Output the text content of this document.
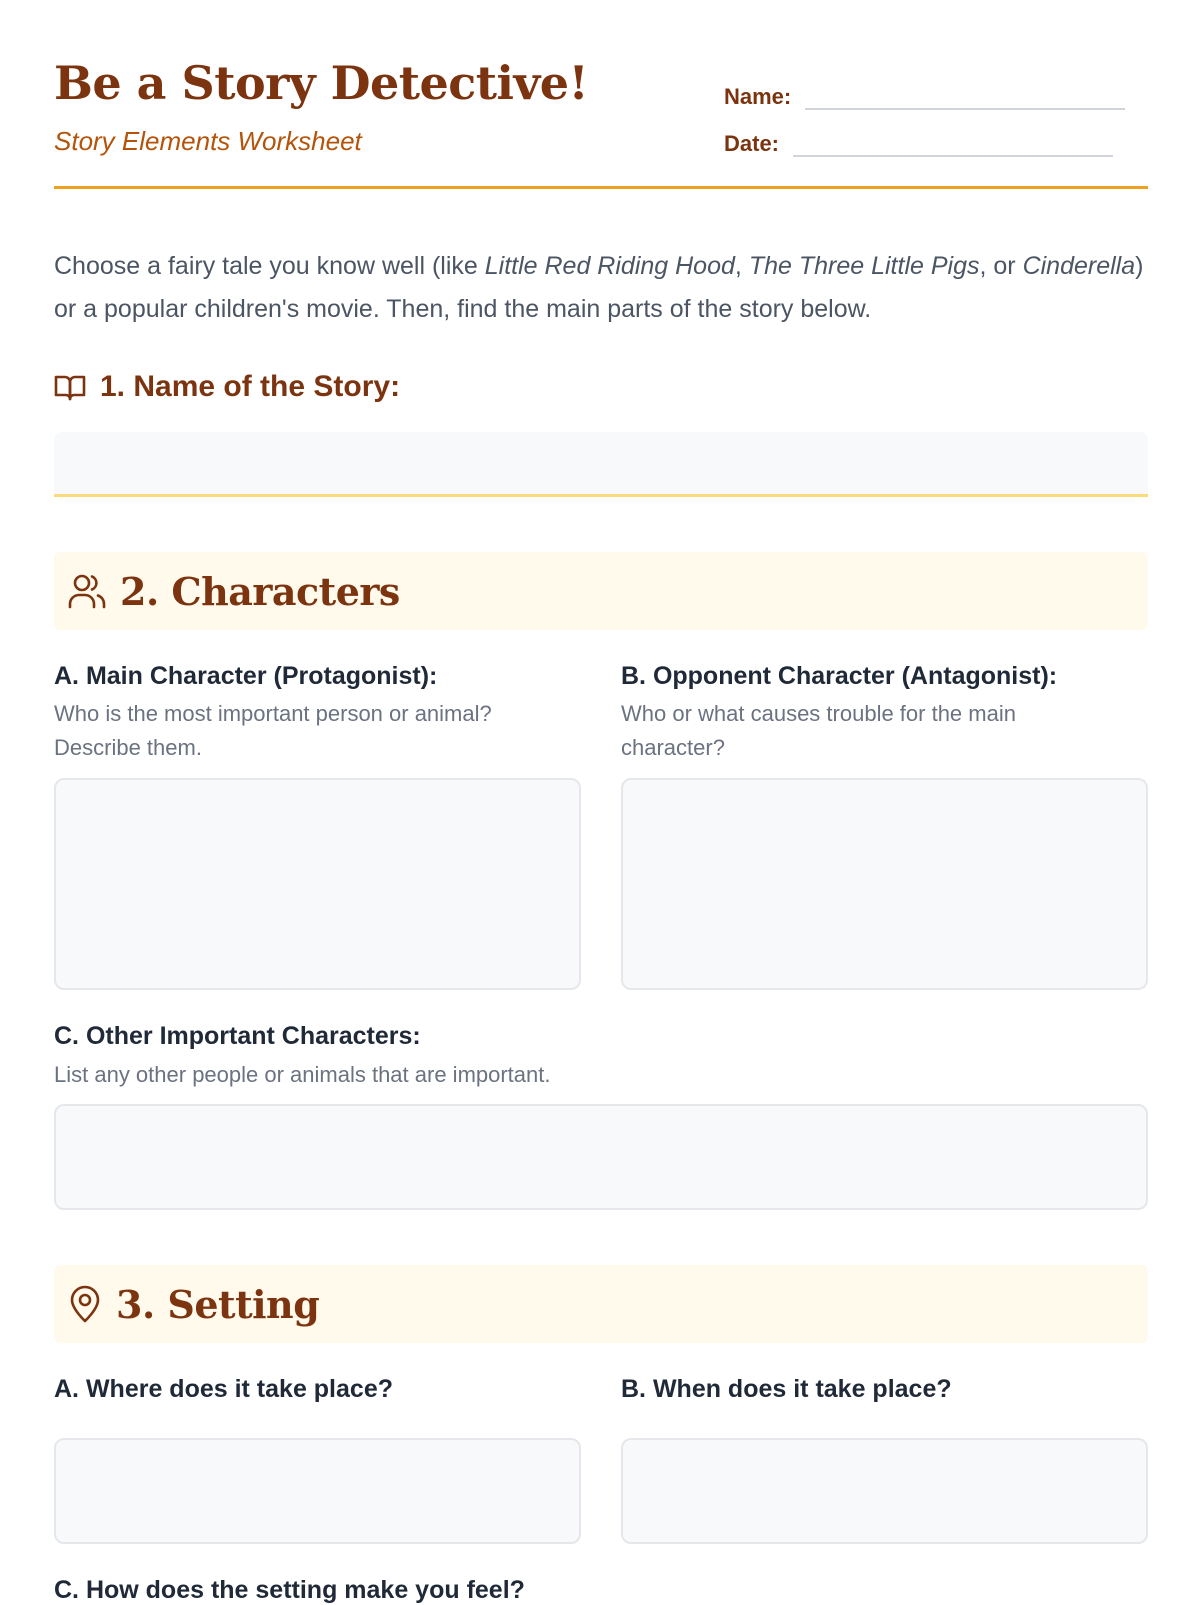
Be a Story Detective!
Story Elements Worksheet
Name:
Date:

Choose a fairy tale you know well (like Little Red Riding Hood, The Three Little Pigs, or Cinderella) or a popular children's movie. Then, find the main parts of the story below.

1. Name of the Story:
2. Characters
A. Main Character (Protagonist):
Who is the most important person or animal? Describe them.
B. Opponent Character (Antagonist):
Who or what causes trouble for the main character?
C. Other Important Characters:
List any other people or animals that are important.
3. Setting
A. Where does it take place?	B. When does it take place?
C. How does the setting make you feel?
